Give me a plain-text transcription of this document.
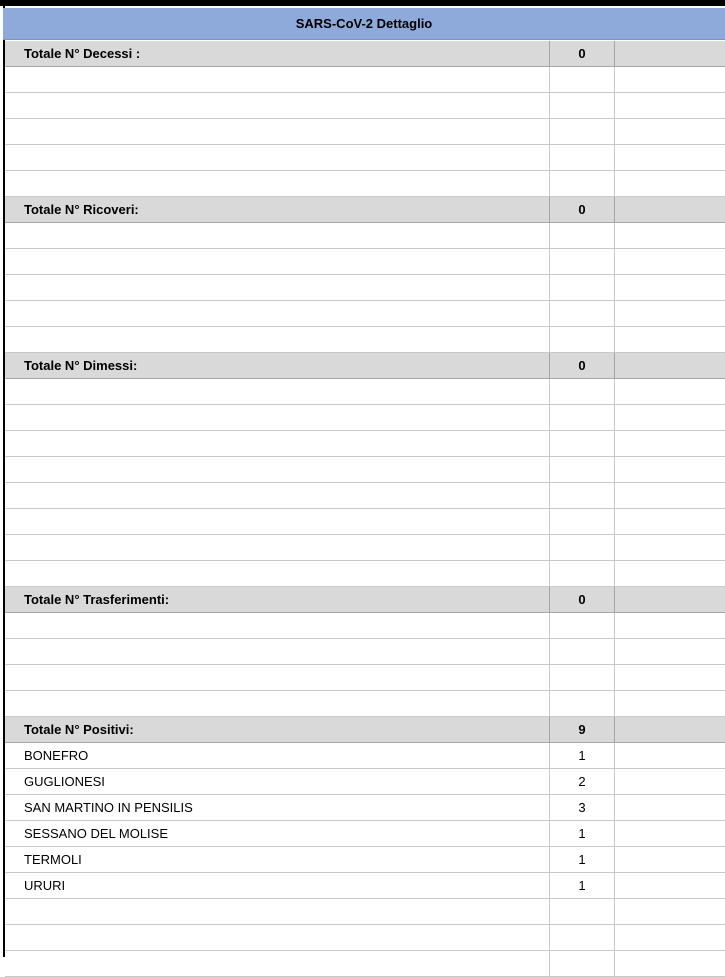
SARS-CoV-2 Dettaglio
Totale N° Decessi :	0
Totale N° Ricoveri:	0
Totale N° Dimessi:	0
Totale N° Trasferimenti:	0
Totale N° Positivi:	9
BONEFRO	1
GUGLIONESI	2
SAN MARTINO IN PENSILIS	3
SESSANO DEL MOLISE	1
TERMOLI	1
URURI	1
